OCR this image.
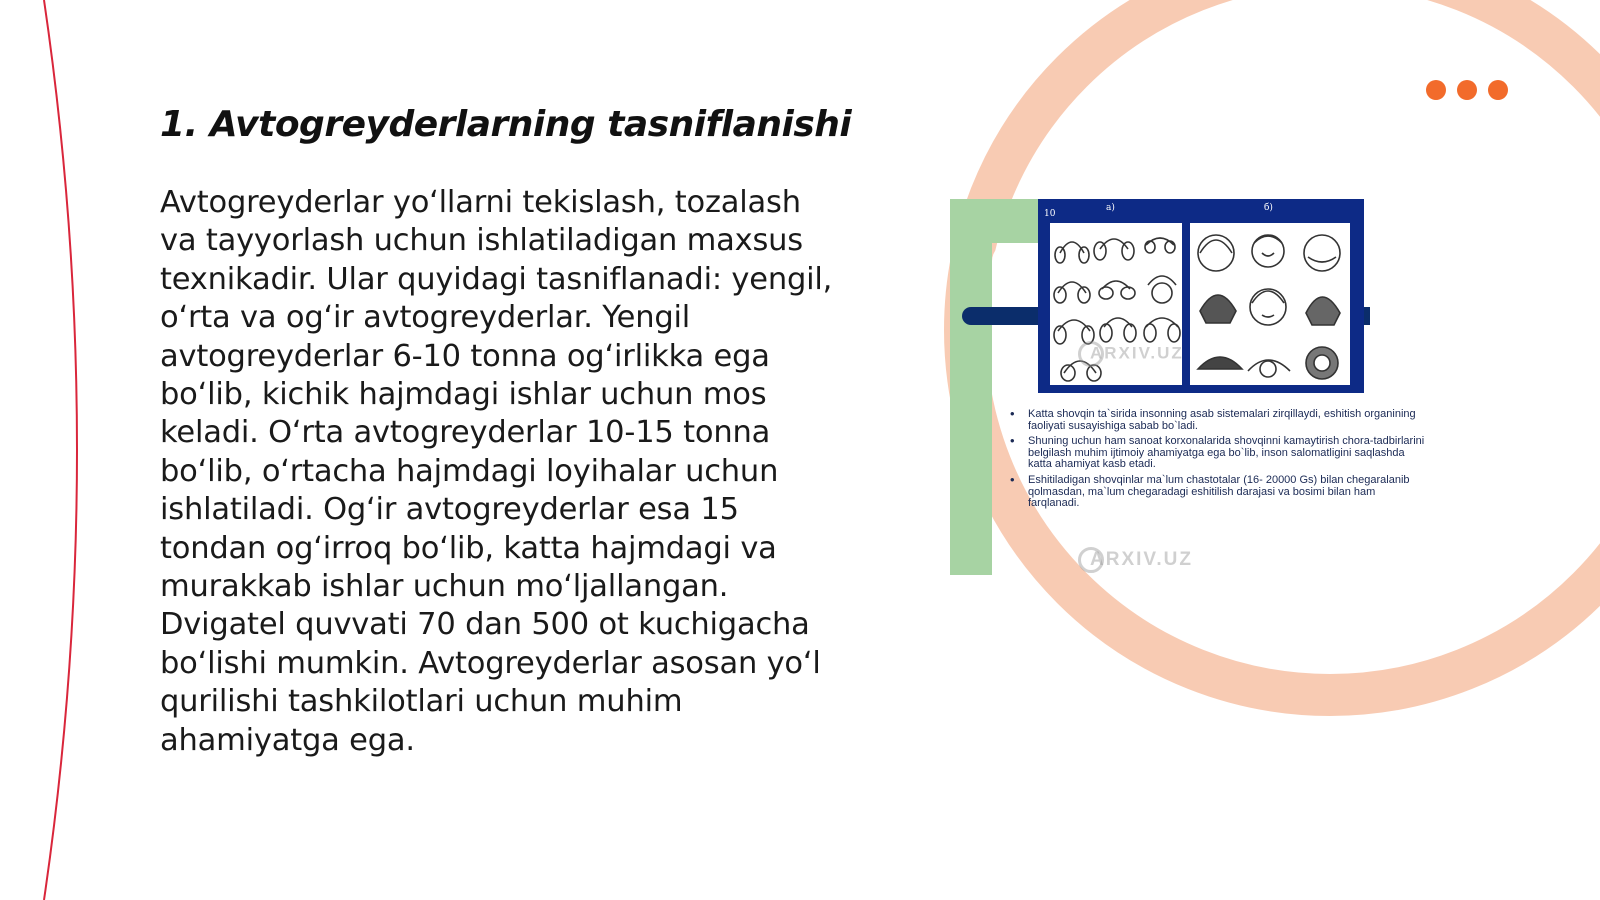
1. Avtogreyderlarning tasniflanishi
Avtogreyderlar yo‘llarni tekislash, tozalash va tayyorlash uchun ishlatiladigan maxsus texnikadir. Ular quyidagi tasniflanadi: yengil, o‘rta va og‘ir avtogreyderlar. Yengil avtogreyderlar 6-10 tonna og‘irlikka ega bo‘lib, kichik hajmdagi ishlar uchun mos keladi. O‘rta avtogreyderlar 10-15 tonna bo‘lib, o‘rtacha hajmdagi loyihalar uchun ishlatiladi. Og‘ir avtogreyderlar esa 15 tondan og‘irroq bo‘lib, katta hajmdagi va murakkab ishlar uchun mo‘ljallangan. Dvigatel quvvati 70 dan 500 ot kuchigacha bo‘lishi mumkin. Avtogreyderlar asosan yo‘l qurilishi tashkilotlari uchun muhim ahamiyatga ega.
10
а)	б)
• Katta shovqin ta`sirida insonning asab sistemalari zirqillaydi, eshitish organining faoliyati susayishiga sabab bo`ladi.
• Shuning uchun ham sanoat korxonalarida shovqinni kamaytirish chora-tadbirlarini belgilash muhim ijtimoiy ahamiyatga ega bo`lib, inson salomatligini saqlashda katta ahamiyat kasb etadi.
• Eshitiladigan shovqinlar ma`lum chastotalar (16- 20000 Gs) bilan chegaralanib qolmasdan, ma`lum chegaradagi eshitilish darajasi va bosimi bilan ham farqlanadi.
ARXIV.UZ
ARXIV.UZ
